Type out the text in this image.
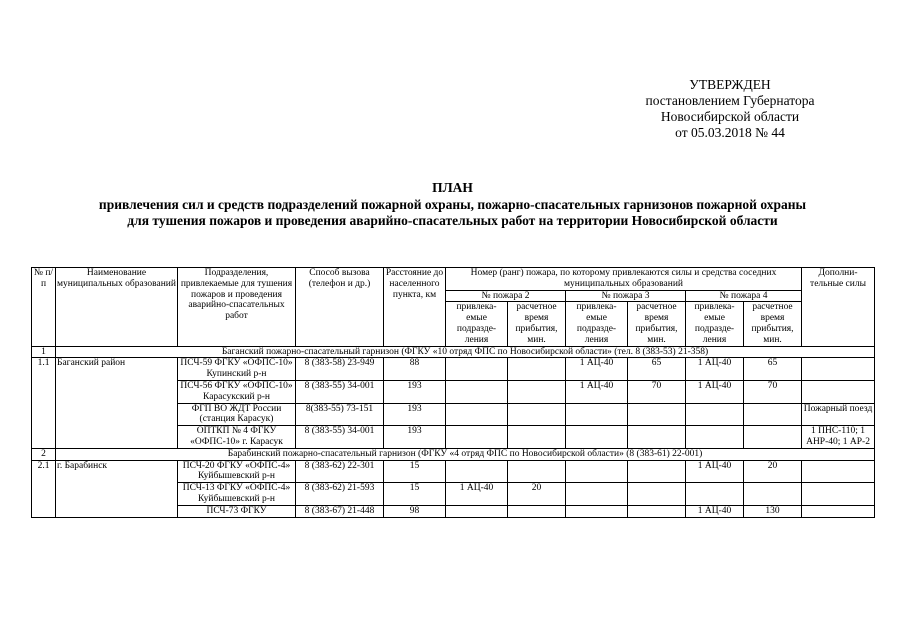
УТВЕРЖДЕН
постановлением Губернатора
Новосибирской области
от 05.03.2018 № 44
ПЛАН
привлечения сил и средств подразделений пожарной охраны, пожарно-спасательных гарнизонов пожарной охраны
для тушения пожаров и проведения аварийно-спасательных работ на территории Новосибирской области
№ п/п	Наименование муниципальных образований	Подразделения, привлекаемые для тушения пожаров и проведения аварийно-спасательных работ	Способ вызова (телефон и др.)	Расстояние до населенного пункта, км	Номер (ранг) пожара, по которому привлекаются силы и средства соседних муниципальных образований						Дополни-тельные силы
					№ пожара 2		№ пожара 3		№ пожара 4		
					привлека-емые подразде-ления	расчетное время прибытия, мин.	привлека-емые подразде-ления	расчетное время прибытия, мин.	привлека-емые подразде-ления	расчетное время прибытия, мин.	
1	Баганский пожарно-спасательный гарнизон (ФГКУ «10 отряд ФПС по Новосибирской области» (тел. 8 (383-53) 21-358)										
1.1	Баганский район	ПСЧ-59 ФГКУ «ОФПС-10» Купинский р-н	8 (383-58) 23-949	88			1 АЦ-40	65	1 АЦ-40	65	
		ПСЧ-56 ФГКУ «ОФПС-10» Карасукский р-н	8 (383-55) 34-001	193			1 АЦ-40	70	1 АЦ-40	70	
		ФГП ВО ЖДТ России (станция Карасук)	8(383-55) 73-151	193							Пожарный поезд
		ОПТКП № 4 ФГКУ «ОФПС-10» г. Карасук	8 (383-55) 34-001	193							1 ПНС-110; 1 АНР-40; 1 АР-2
2	Барабинский пожарно-спасательный гарнизон (ФГКУ «4 отряд ФПС по Новосибирской области» (8 (383-61) 22-001)										
2.1	г. Барабинск	ПСЧ-20 ФГКУ «ОФПС-4» Куйбышевский р-н	8 (383-62) 22-301	15					1 АЦ-40	20	
		ПСЧ-13 ФГКУ «ОФПС-4» Куйбышевский р-н	8 (383-62) 21-593	15	1 АЦ-40	20					
		ПСЧ-73 ФГКУ	8 (383-67) 21-448	98					1 АЦ-40	130	
